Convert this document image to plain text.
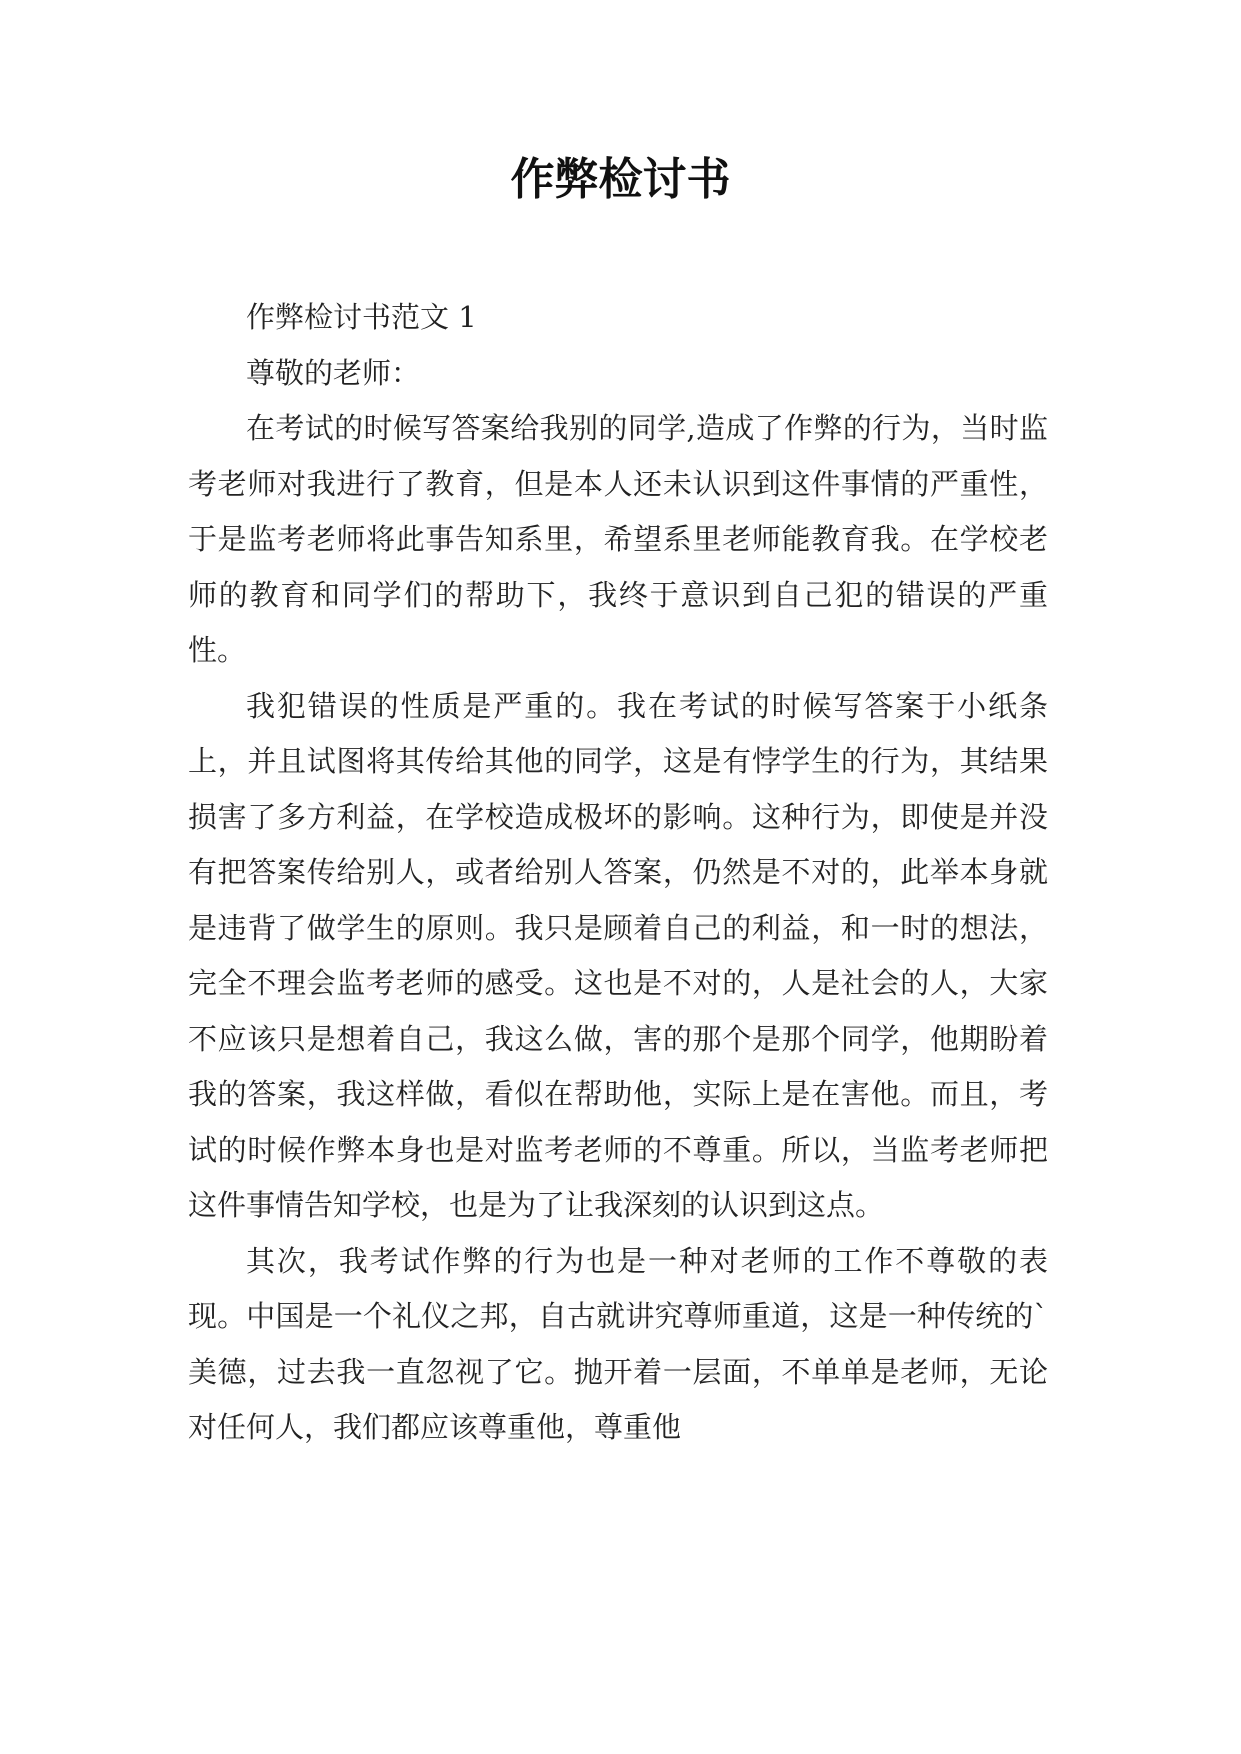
作弊检讨书

作弊检讨书范文 1

尊敬的老师：

在考试的时候写答案给我别的同学,造成了作弊的行为，当时监考老师对我进行了教育，但是本人还未认识到这件事情的严重性，于是监考老师将此事告知系里，希望系里老师能教育我。在学校老师的教育和同学们的帮助下，我终于意识到自己犯的错误的严重性。

我犯错误的性质是严重的。我在考试的时候写答案于小纸条上，并且试图将其传给其他的同学，这是有悖学生的行为，其结果损害了多方利益，在学校造成极坏的影响。这种行为，即使是并没有把答案传给别人，或者给别人答案，仍然是不对的，此举本身就是违背了做学生的原则。我只是顾着自己的利益，和一时的想法，完全不理会监考老师的感受。这也是不对的，人是社会的人，大家不应该只是想着自己，我这么做，害的那个是那个同学，他期盼着我的答案，我这样做，看似在帮助他，实际上是在害他。而且，考试的时候作弊本身也是对监考老师的不尊重。所以，当监考老师把这件事情告知学校，也是为了让我深刻的认识到这点。

其次，我考试作弊的行为也是一种对老师的工作不尊敬的表现。中国是一个礼仪之邦，自古就讲究尊师重道，这是一种传统的`美德，过去我一直忽视了它。抛开着一层面，不单单是老师，无论对任何人，我们都应该尊重他，尊重他
